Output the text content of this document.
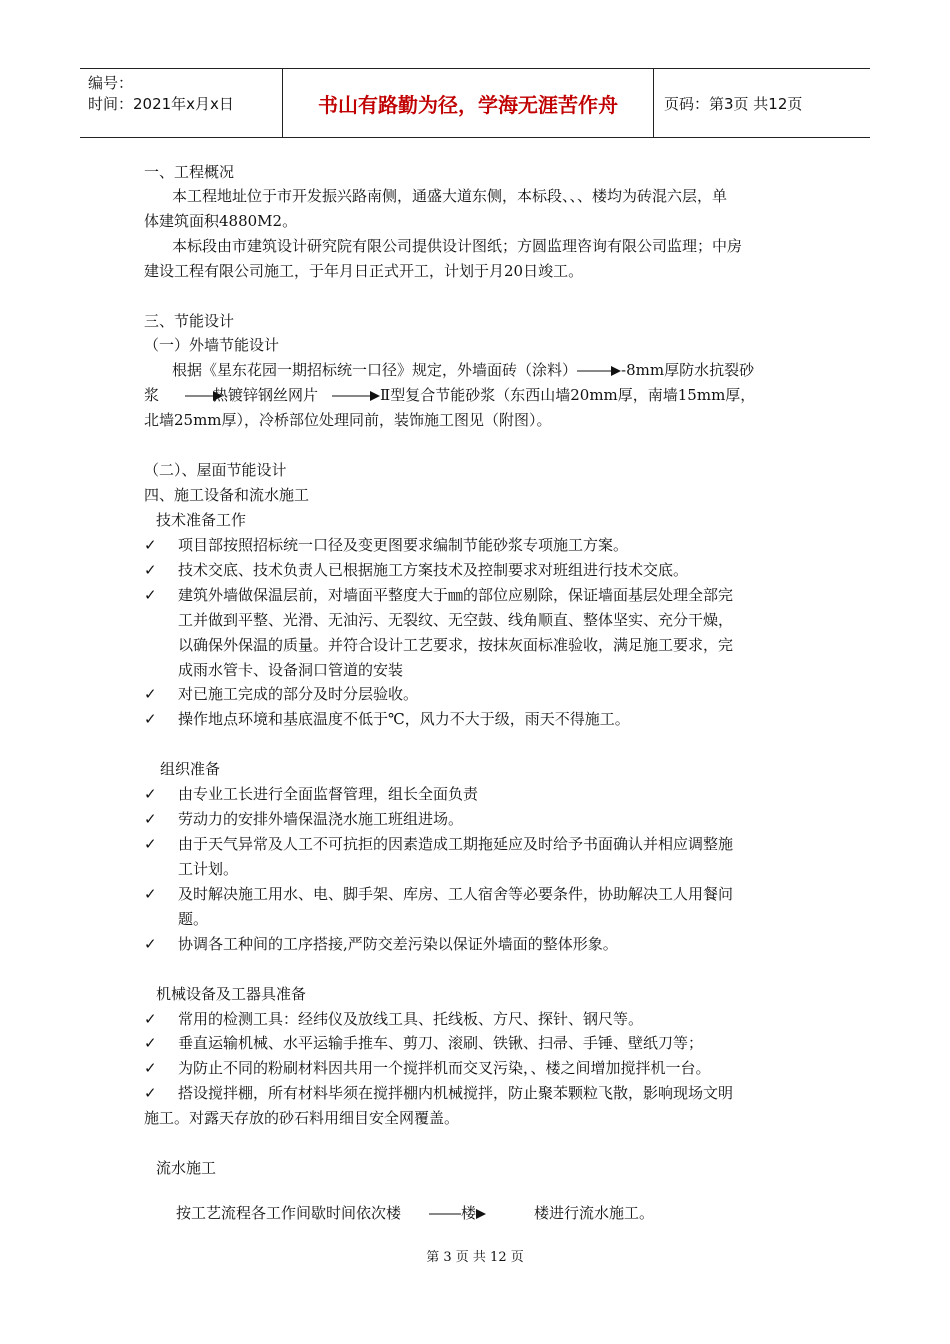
编号：
时间：2021年x月x日	书山有路勤为径，学海无涯苦作舟	页码：第3页 共12页
一、工程概况
本工程地址位于市开发振兴路南侧，通盛大道东侧，本标段、、、楼均为砖混六层，单
体建筑面积4880M2。
本标段由市建筑设计研究院有限公司提供设计图纸；方圆监理咨询有限公司监理；中房
建设工程有限公司施工，于年月日正式开工，计划于月20日竣工。
三、节能设计
（一）外墙节能设计
根据《星东花园一期招标统一口径》规定，外墙面砖（涂料）	-8mm厚防水抗裂砂
浆	热镀锌钢丝网片	Ⅱ型复合节能砂浆（东西山墙20mm厚，南墙15mm厚，
北墙25mm厚），冷桥部位处理同前，装饰施工图见（附图）。
（二）、屋面节能设计
四、施工设备和流水施工
技术准备工作
✓ 项目部按照招标统一口径及变更图要求编制节能砂浆专项施工方案。
✓ 技术交底、技术负责人已根据施工方案技术及控制要求对班组进行技术交底。
✓ 建筑外墙做保温层前，对墙面平整度大于㎜的部位应剔除，保证墙面基层处理全部完
工并做到平整、光滑、无油污、无裂纹、无空鼓、线角顺直、整体坚实、充分干燥，
以确保外保温的质量。并符合设计工艺要求，按抹灰面标准验收，满足施工要求，完
成雨水管卡、设备洞口管道的安装
✓ 对已施工完成的部分及时分层验收。
✓ 操作地点环境和基底温度不低于℃，风力不大于级，雨天不得施工。
组织准备
✓ 由专业工长进行全面监督管理，组长全面负责
✓ 劳动力的安排外墙保温浇水施工班组进场。
✓ 由于天气异常及人工不可抗拒的因素造成工期拖延应及时给予书面确认并相应调整施
工计划。
✓ 及时解决施工用水、电、脚手架、库房、工人宿舍等必要条件，协助解决工人用餐问
题。
✓ 协调各工种间的工序搭接,严防交差污染以保证外墙面的整体形象。
机械设备及工器具准备
✓ 常用的检测工具：经纬仪及放线工具、托线板、方尺、探针、钢尺等。
✓ 垂直运输机械、水平运输手推车、剪刀、滚刷、铁锹、扫帚、手锤、壁纸刀等；
✓ 为防止不同的粉刷材料因共用一个搅拌机而交叉污染，、楼之间增加搅拌机一台。
✓ 搭设搅拌棚，所有材料毕须在搅拌棚内机械搅拌，防止聚苯颗粒飞散，影响现场文明
施工。对露天存放的砂石料用细目安全网覆盖。
流水施工
按工艺流程各工作间歇时间依次楼	楼	楼进行流水施工。
第 3 页 共 12 页
